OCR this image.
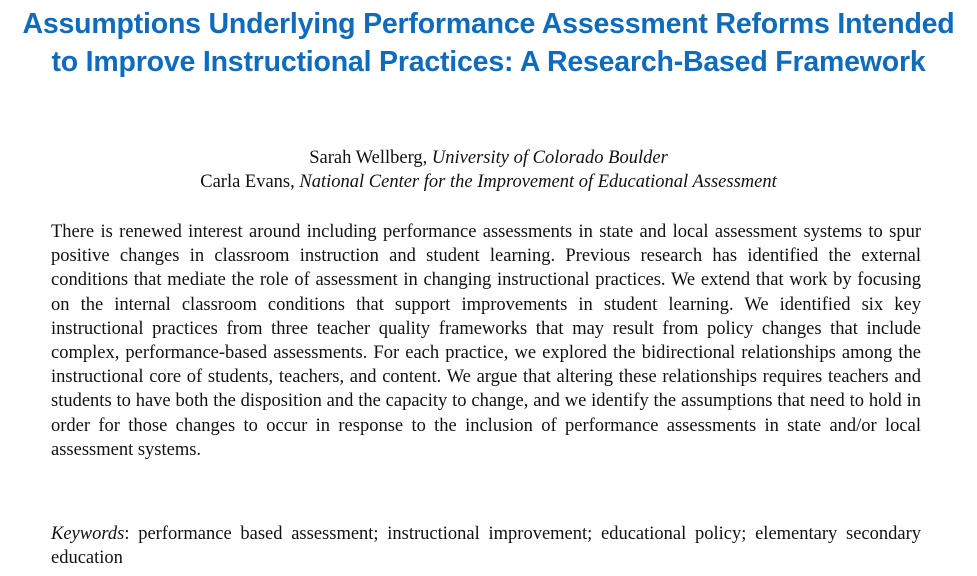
Assumptions Underlying Performance Assessment Reforms Intended to Improve Instructional Practices: A Research-Based Framework
Sarah Wellberg, University of Colorado Boulder
Carla Evans, National Center for the Improvement of Educational Assessment

There is renewed interest around including performance assessments in state and local assessment systems to spur positive changes in classroom instruction and student learning. Previous research has identified the external conditions that mediate the role of assessment in changing instructional practices. We extend that work by focusing on the internal classroom conditions that support improvements in student learning. We identified six key instructional practices from three teacher quality frameworks that may result from policy changes that include complex, performance-based assessments. For each practice, we explored the bidirectional relationships among the instructional core of students, teachers, and content. We argue that altering these relationships requires teachers and students to have both the disposition and the capacity to change, and we identify the assumptions that need to hold in order for those changes to occur in response to the inclusion of performance assessments in state and/or local assessment systems.

Keywords: performance based assessment; instructional improvement; educational policy; elementary secondary education
